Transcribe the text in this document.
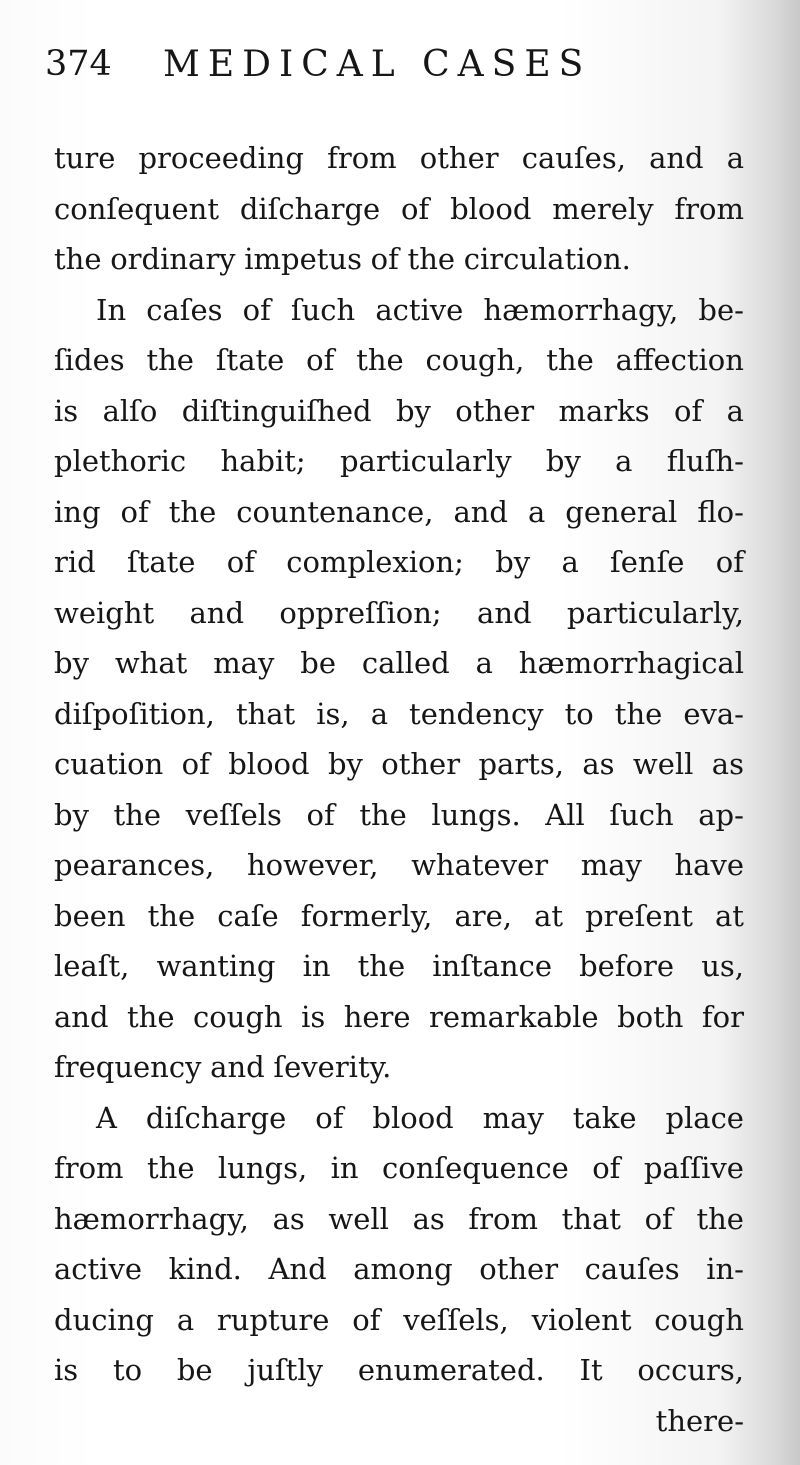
374 MEDICAL CASES
ture proceeding from other cauſes, and a
conſequent diſcharge of blood merely from
the ordinary impetus of the circulation.
In caſes of ſuch active hæmorrhagy, be-
ſides the ſtate of the cough, the affection
is alſo diſtinguiſhed by other marks of a
plethoric habit; particularly by a fluſh-
ing of the countenance, and a general flo-
rid ſtate of complexion; by a ſenſe of
weight and oppreſſion; and particularly,
by what may be called a hæmorrhagical
diſpoſition, that is, a tendency to the eva-
cuation of blood by other parts, as well as
by the veſſels of the lungs. All ſuch ap-
pearances, however, whatever may have
been the caſe formerly, are, at preſent at
leaſt, wanting in the inſtance before us,
and the cough is here remarkable both for
frequency and ſeverity.
A diſcharge of blood may take place
from the lungs, in conſequence of paſſive
hæmorrhagy, as well as from that of the
active kind. And among other cauſes in-
ducing a rupture of veſſels, violent cough
is to be juſtly enumerated. It occurs,
there-
